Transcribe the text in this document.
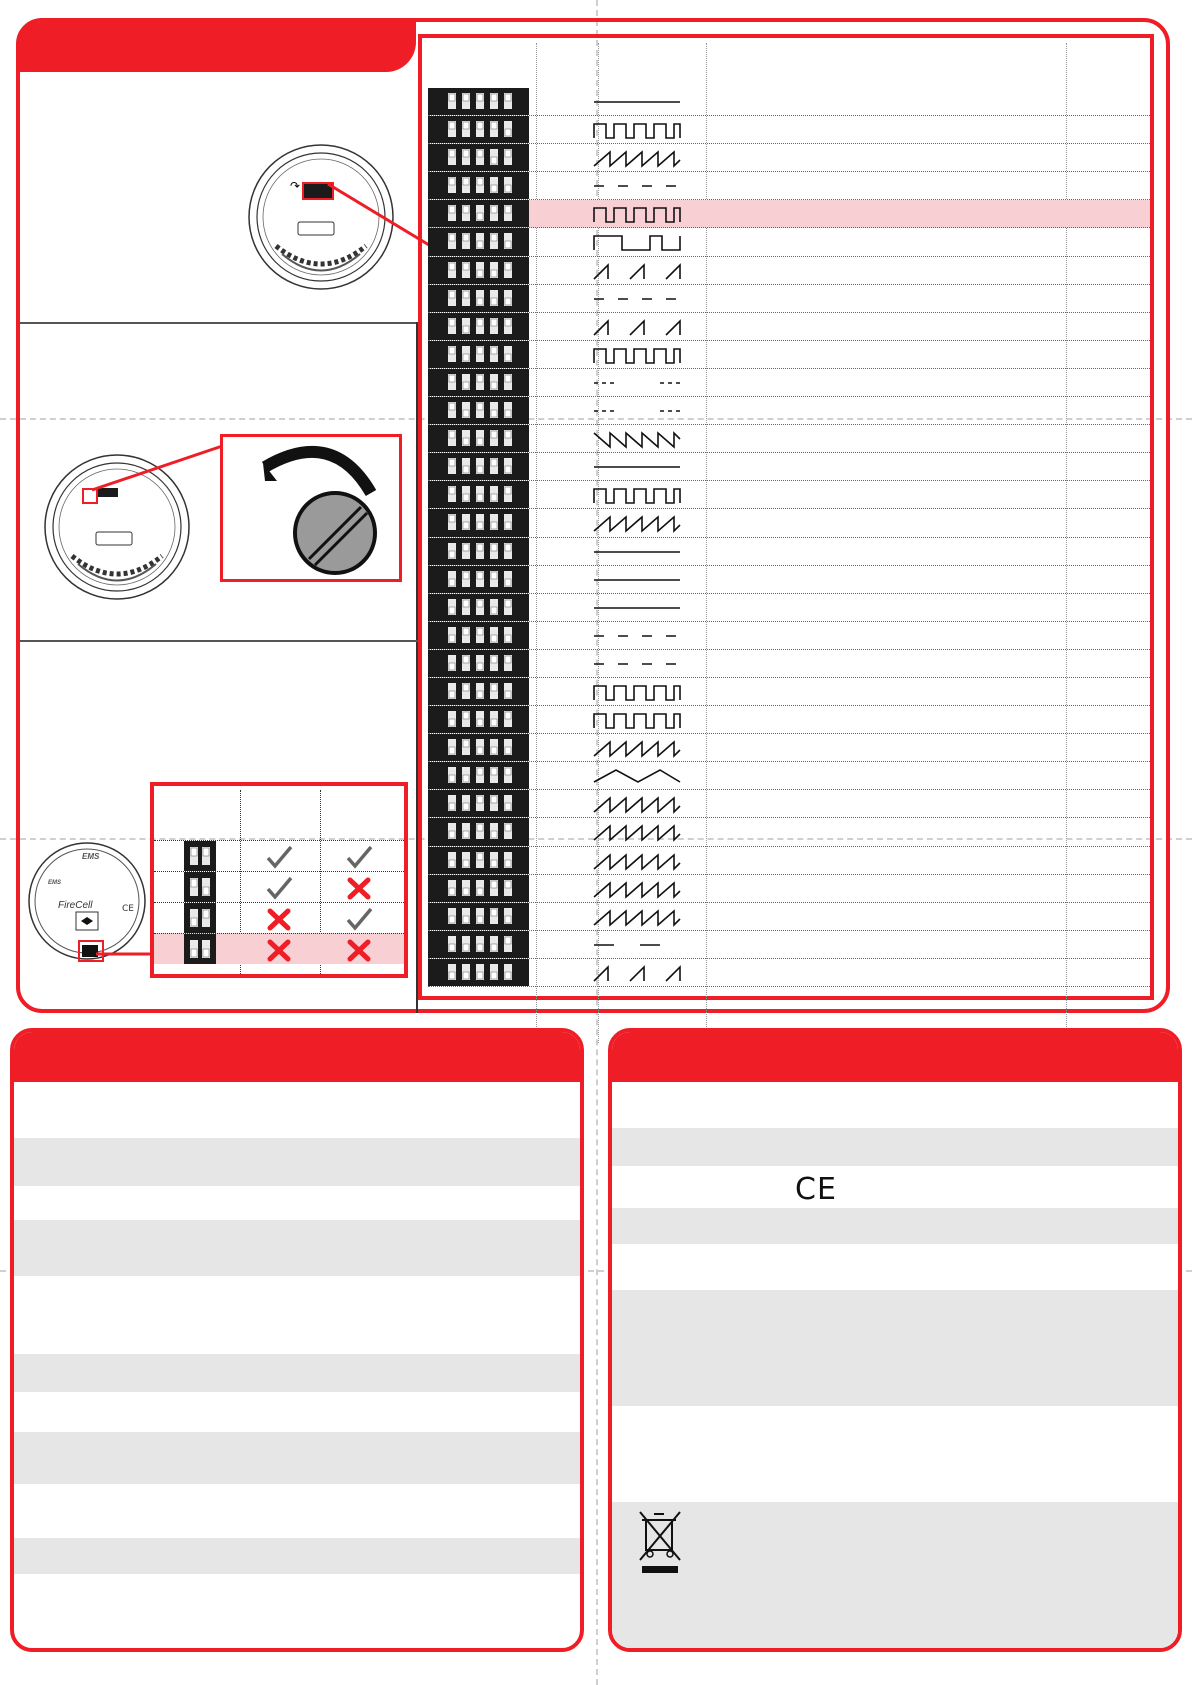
↷
EMS
EMS
FireCell	CE
CE
